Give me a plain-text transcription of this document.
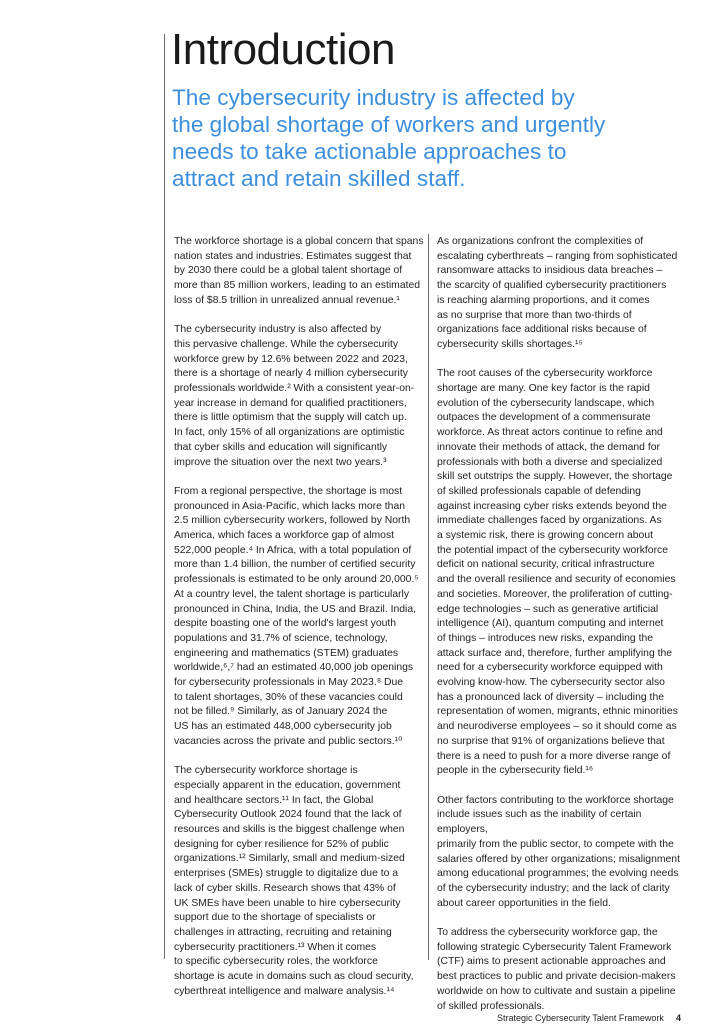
Introduction

The cybersecurity industry is affected by
the global shortage of workers and urgently
needs to take actionable approaches to
attract and retain skilled staff.

The workforce shortage is a global concern that spans
nation states and industries. Estimates suggest that
by 2030 there could be a global talent shortage of
more than 85 million workers, leading to an estimated
loss of $8.5 trillion in unrealized annual revenue.¹

The cybersecurity industry is also affected by
this pervasive challenge. While the cybersecurity
workforce grew by 12.6% between 2022 and 2023,
there is a shortage of nearly 4 million cybersecurity
professionals worldwide.² With a consistent year-on-
year increase in demand for qualified practitioners,
there is little optimism that the supply will catch up.
In fact, only 15% of all organizations are optimistic
that cyber skills and education will significantly
improve the situation over the next two years.³

From a regional perspective, the shortage is most
pronounced in Asia-Pacific, which lacks more than
2.5 million cybersecurity workers, followed by North
America, which faces a workforce gap of almost
522,000 people.⁴ In Africa, with a total population of
more than 1.4 billion, the number of certified security
professionals is estimated to be only around 20,000.⁵
At a country level, the talent shortage is particularly
pronounced in China, India, the US and Brazil. India,
despite boasting one of the world's largest youth
populations and 31.7% of science, technology,
engineering and mathematics (STEM) graduates
worldwide,⁶,⁷ had an estimated 40,000 job openings
for cybersecurity professionals in May 2023.⁸ Due
to talent shortages, 30% of these vacancies could
not be filled.⁹ Similarly, as of January 2024 the
US has an estimated 448,000 cybersecurity job
vacancies across the private and public sectors.¹⁰

The cybersecurity workforce shortage is
especially apparent in the education, government
and healthcare sectors.¹¹ In fact, the Global
Cybersecurity Outlook 2024 found that the lack of
resources and skills is the biggest challenge when
designing for cyber resilience for 52% of public
organizations.¹² Similarly, small and medium-sized
enterprises (SMEs) struggle to digitalize due to a
lack of cyber skills. Research shows that 43% of
UK SMEs have been unable to hire cybersecurity
support due to the shortage of specialists or
challenges in attracting, recruiting and retaining
cybersecurity practitioners.¹³ When it comes
to specific cybersecurity roles, the workforce
shortage is acute in domains such as cloud security,
cyberthreat intelligence and malware analysis.¹⁴

As organizations confront the complexities of
escalating cyberthreats – ranging from sophisticated
ransomware attacks to insidious data breaches –
the scarcity of qualified cybersecurity practitioners
is reaching alarming proportions, and it comes
as no surprise that more than two-thirds of
organizations face additional risks because of
cybersecurity skills shortages.¹⁵

The root causes of the cybersecurity workforce
shortage are many. One key factor is the rapid
evolution of the cybersecurity landscape, which
outpaces the development of a commensurate
workforce. As threat actors continue to refine and
innovate their methods of attack, the demand for
professionals with both a diverse and specialized
skill set outstrips the supply. However, the shortage
of skilled professionals capable of defending
against increasing cyber risks extends beyond the
immediate challenges faced by organizations. As
a systemic risk, there is growing concern about
the potential impact of the cybersecurity workforce
deficit on national security, critical infrastructure
and the overall resilience and security of economies
and societies. Moreover, the proliferation of cutting-
edge technologies – such as generative artificial
intelligence (AI), quantum computing and internet
of things – introduces new risks, expanding the
attack surface and, therefore, further amplifying the
need for a cybersecurity workforce equipped with
evolving know-how. The cybersecurity sector also
has a pronounced lack of diversity – including the
representation of women, migrants, ethnic minorities
and neurodiverse employees – so it should come as
no surprise that 91% of organizations believe that
there is a need to push for a more diverse range of
people in the cybersecurity field.¹⁶

Other factors contributing to the workforce shortage
include issues such as the inability of certain employers,
primarily from the public sector, to compete with the
salaries offered by other organizations; misalignment
among educational programmes; the evolving needs
of the cybersecurity industry; and the lack of clarity
about career opportunities in the field.

To address the cybersecurity workforce gap, the
following strategic Cybersecurity Talent Framework
(CTF) aims to present actionable approaches and
best practices to public and private decision-makers
worldwide on how to cultivate and sustain a pipeline
of skilled professionals.

Strategic Cybersecurity Talent Framework 4
